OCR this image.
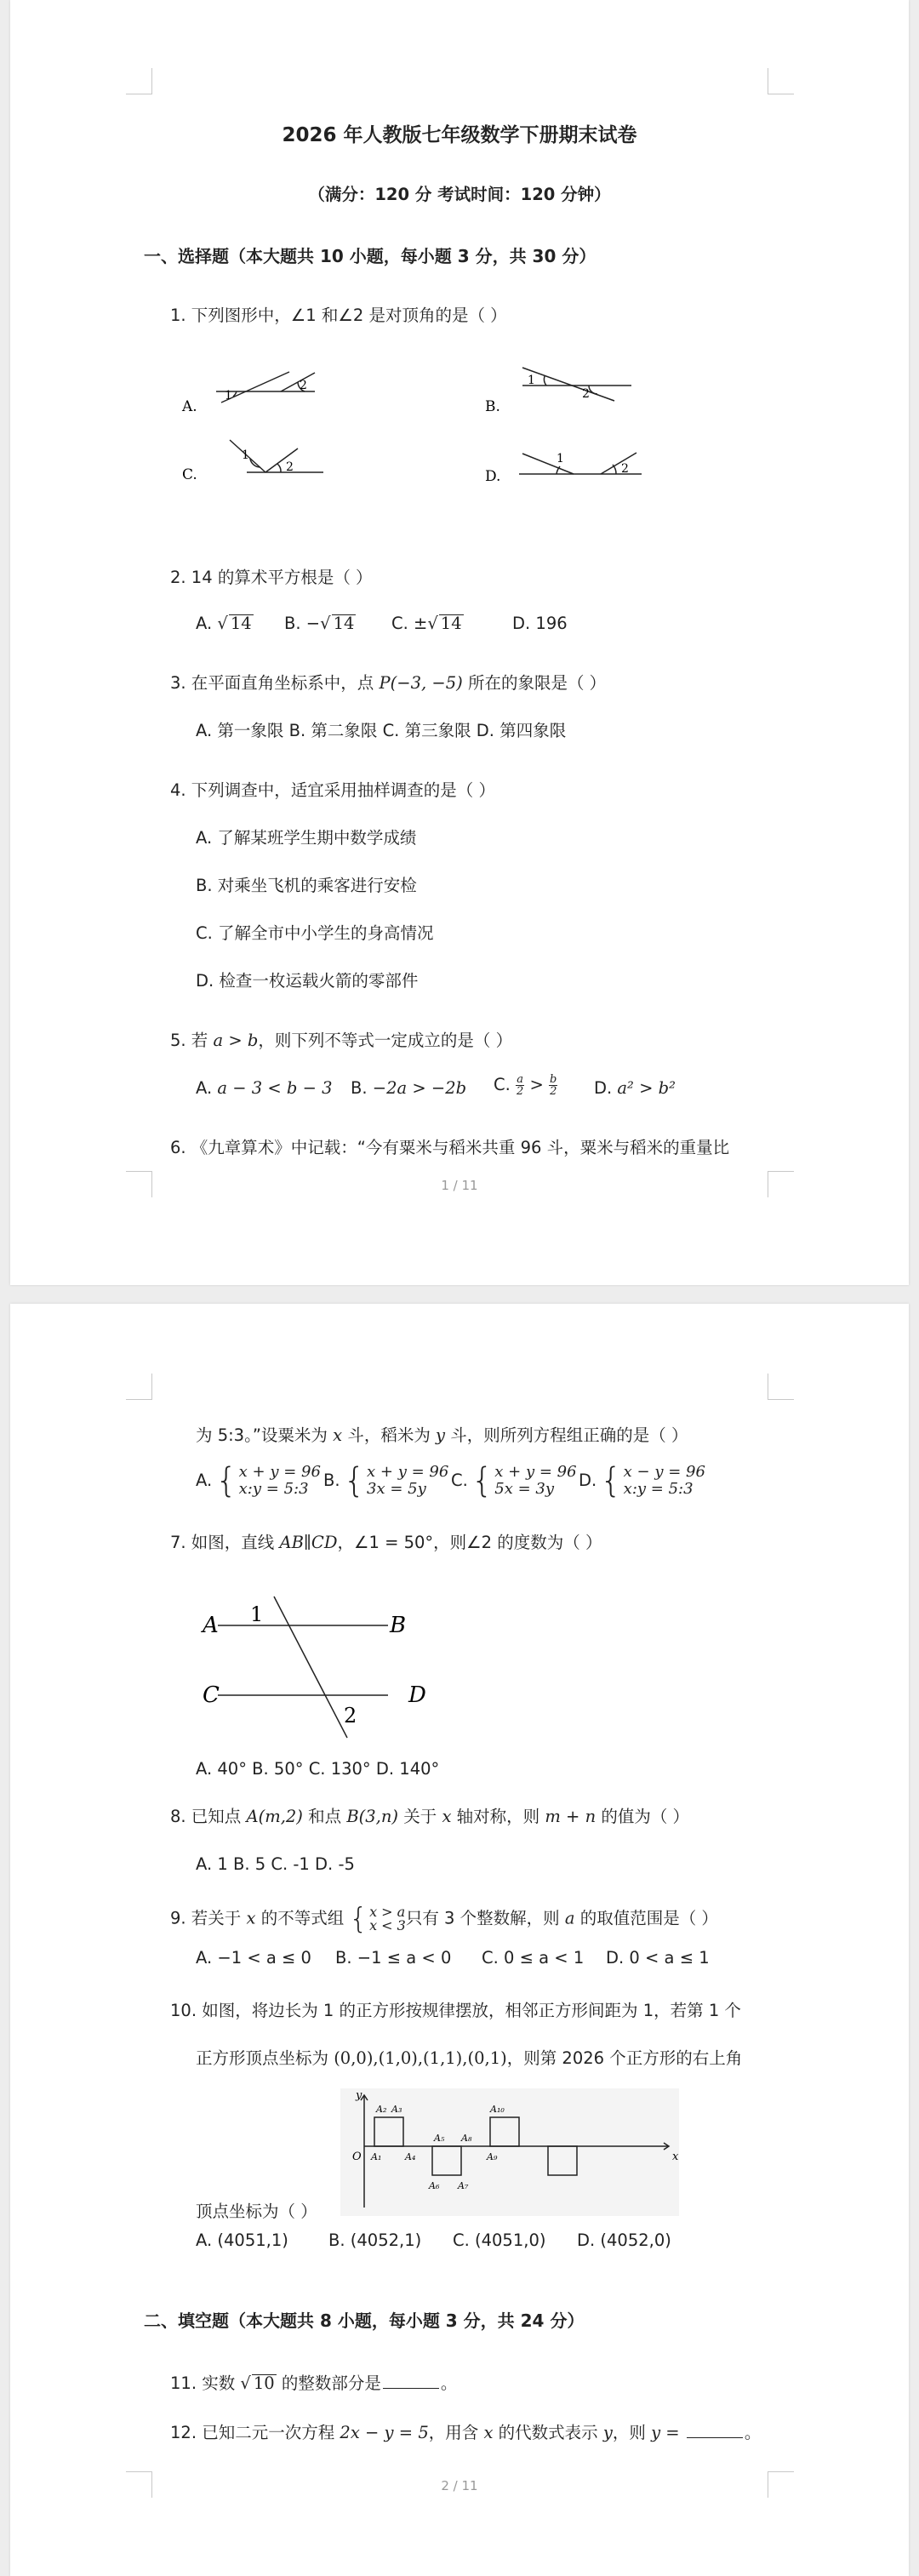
2026 年人教版七年级数学下册期末试卷
（满分：120 分 考试时间：120 分钟）
一、选择题（本大题共 10 小题，每小题 3 分，共 30 分）
1. 下列图形中，∠1 和∠2 是对顶角的是（ ）
A.
1
2
B.
1
2
C.
1
2
D.
1
2
2. 14 的算术平方根是（ ）
A. √ 14 B. −√ 14 C. ±√ 14	D. 196
3. 在平面直角坐标系中，点 P(−3, −5) 所在的象限是（ ）
A. 第一象限 B. 第二象限 C. 第三象限 D. 第四象限
4. 下列调查中，适宜采用抽样调查的是（ ）
A. 了解某班学生期中数学成绩
B. 对乘坐飞机的乘客进行安检
C. 了解全市中小学生的身高情况
D. 检查一枚运载火箭的零部件
5. 若 a > b，则下列不等式一定成立的是（ ）
A. a − 3 < b − 3 B. −2a > −2b C. $\frac{a}{2} > \frac{b}{2} D$. a² > b²
6. 《九章算术》中记载：“今有粟米与稻米共重 96 斗，粟米与稻米的重量比
1 / 11
为 5:3。”设粟米为 x 斗，稻米为 y 斗，则所列方程组正确的是（ ）
A. { x + y = 96
x:y = 5:3 B. { x + y = 96
3x = 5y	C. { x + y = 96
5x = 3y	D. { x − y = 96
x:y = 5:3
7. 如图，直线 AB∥CD，∠1 = 50°，则∠2 的度数为（ ）
A	B
C	D
1
2
A. 40° B. 50° C. 130° D. 140°
8. 已知点 A(m,2) 和点 B(3,n) 关于 x 轴对称，则 m + n 的值为（ ）
A. 1 B. 5 C. -1 D. -5
9. 若关于 x 的不等式组 { x > a
x < 3 只有 3 个整数解，则 a 的取值范围是（ ）
A. −1 < a ≤ 0 B. −1 ≤ a < 0 C. 0 ≤ a < 1 D. 0 < a ≤ 1
10. 如图，将边长为 1 的正方形按规律摆放，相邻正方形间距为 1，若第 1 个
正方形顶点坐标为 (0,0),(1,0),(1,1),(0,1)，则第 2026 个正方形的右上角
y
x
O A₁
A₂ A₃
A₄
A₅
A₆ A₇
A₈
A₉
A₁₀
顶点坐标为（ ）
A. (4051,1) B. (4052,1) C. (4051,0) D. (4052,0)
二、填空题（本大题共 8 小题，每小题 3 分，共 24 分）
11. 实数 √ 10 的整数部分是	。
12. 已知二元一次方程 2x − y = 5，用含 x 的代数式表示 y，则 y =	。
2 / 11
